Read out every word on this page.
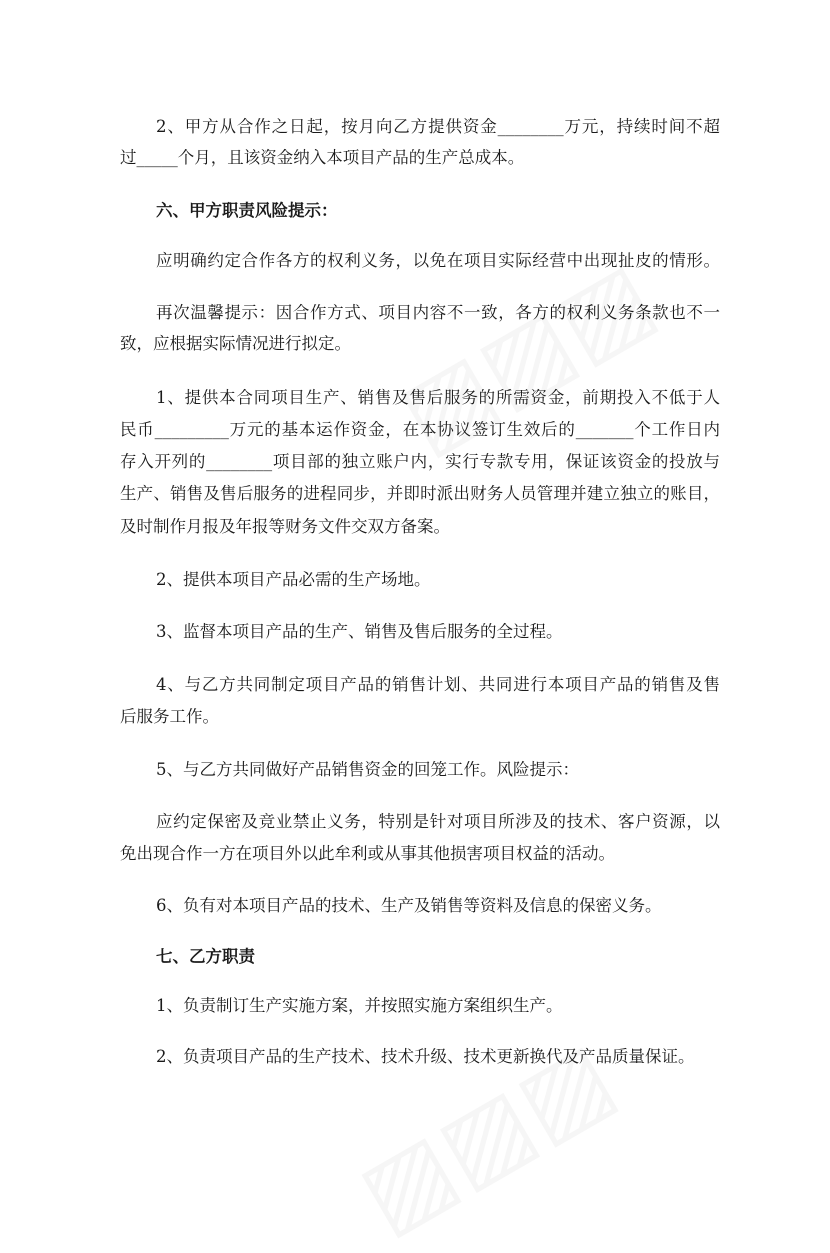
2、甲方从合作之日起，按月向乙方提供资金________万元，持续时间不超
过_____个月，且该资金纳入本项目产品的生产总成本。
六、甲方职责风险提示：
应明确约定合作各方的权利义务，以免在项目实际经营中出现扯皮的情形。
再次温馨提示：因合作方式、项目内容不一致，各方的权利义务条款也不一
致，应根据实际情况进行拟定。
1、提供本合同项目生产、销售及售后服务的所需资金，前期投入不低于人
民币_________万元的基本运作资金，在本协议签订生效后的_______个工作日内
存入开列的________项目部的独立账户内，实行专款专用，保证该资金的投放与
生产、销售及售后服务的进程同步，并即时派出财务人员管理并建立独立的账目，
及时制作月报及年报等财务文件交双方备案。
2、提供本项目产品必需的生产场地。
3、监督本项目产品的生产、销售及售后服务的全过程。
4、与乙方共同制定项目产品的销售计划、共同进行本项目产品的销售及售
后服务工作。
5、与乙方共同做好产品销售资金的回笼工作。风险提示：
应约定保密及竞业禁止义务，特别是针对项目所涉及的技术、客户资源，以
免出现合作一方在项目外以此牟利或从事其他损害项目权益的活动。
6、负有对本项目产品的技术、生产及销售等资料及信息的保密义务。
七、乙方职责
1、负责制订生产实施方案，并按照实施方案组织生产。
2、负责项目产品的生产技术、技术升级、技术更新换代及产品质量保证。
